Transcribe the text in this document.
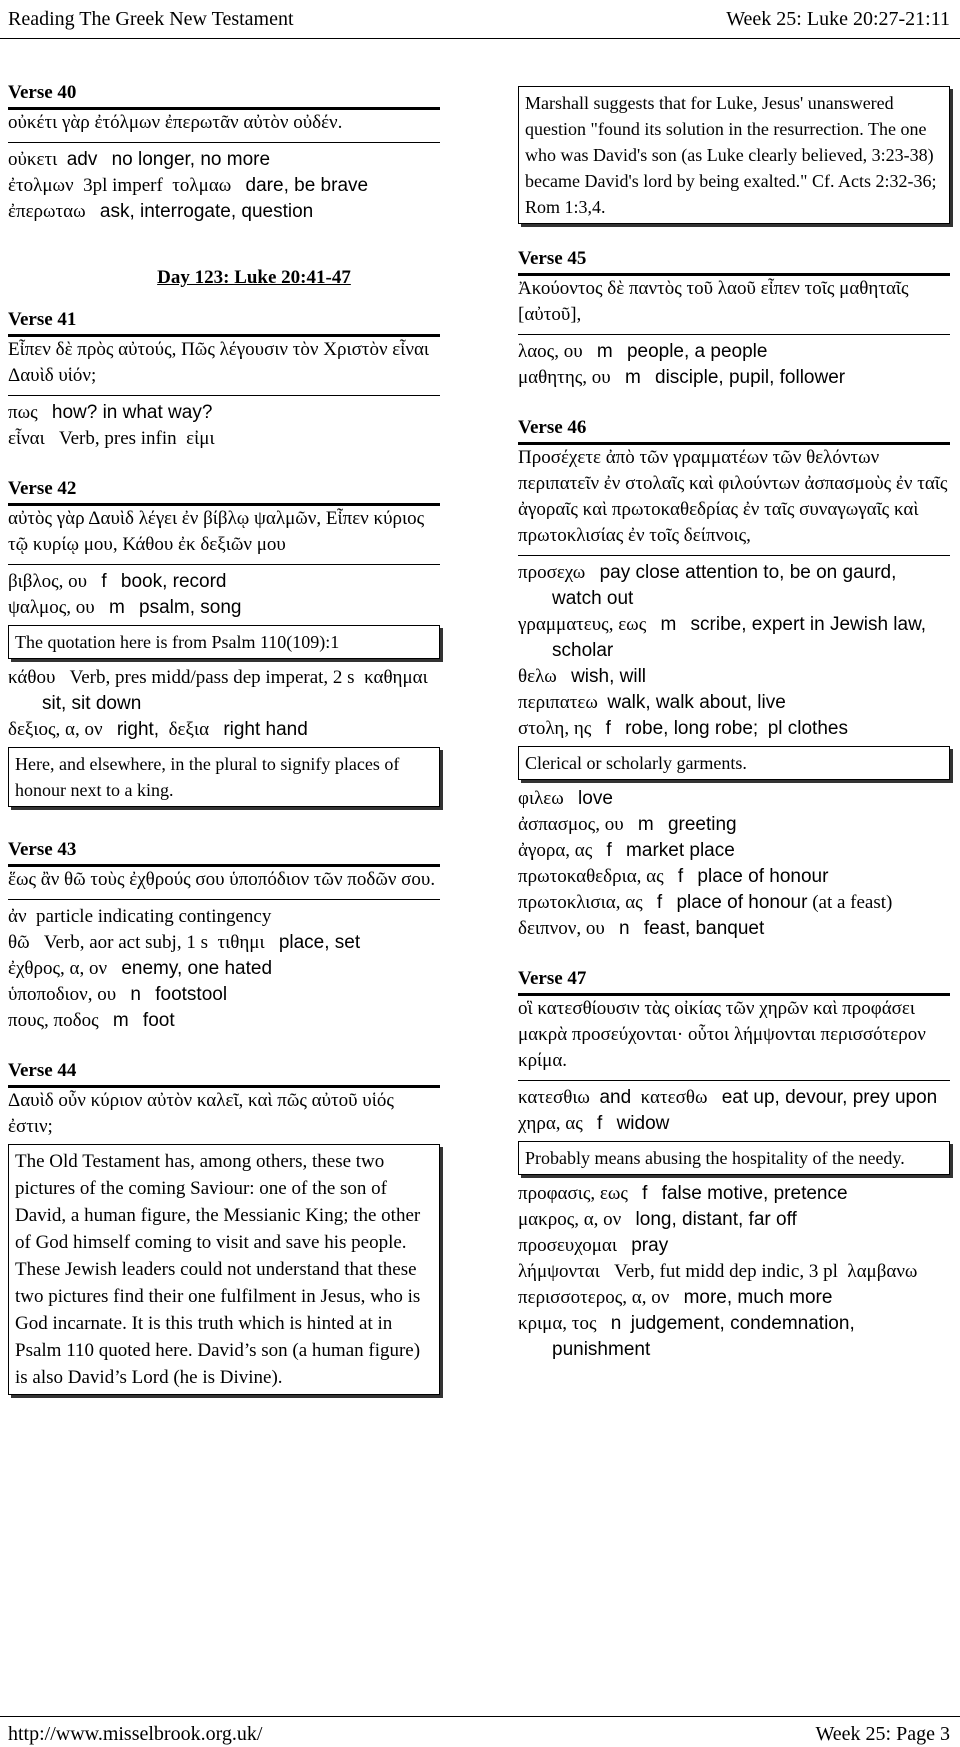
Reading The Greek New Testament	Week 25: Luke 20:27-21:11
Verse 40
οὐκέτι γὰρ ἐτόλμων ἐπερωτᾶν αὐτὸν οὐδέν.
οὐκετι adv no longer, no more
ἐτολμων 3pl imperf τολμαω dare, be brave
ἐπερωταω ask, interrogate, question
Day 123: Luke 20:41-47
Verse 41
Εἶπεν δὲ πρὸς αὐτούς, Πῶς λέγουσιν τὸν Χριστὸν εἶναι Δαυὶδ υἱόν;
πως how? in what way?
εἶναι Verb, pres infin εἰμι
Verse 42
αὐτὸς γὰρ Δαυὶδ λέγει ἐν βίβλῳ ψαλμῶν, Εἶπεν κύριος τῷ κυρίῳ μου, Κάθου ἐκ δεξιῶν μου
βιβλος, ου f book, record
ψαλμος, ου m psalm, song
The quotation here is from Psalm 110(109):1
κάθου Verb, pres midd/pass dep imperat, 2 s καθημαι   sit, sit down
δεξιος, α, ον right, δεξια right hand
Here, and elsewhere, in the plural to signify places of honour next to a king.
Verse 43
ἕως ἂν θῶ τοὺς ἐχθρούς σου ὑποπόδιον τῶν ποδῶν σου.
ἀν particle indicating contingency
θῶ Verb, aor act subj, 1 s τιθημι place, set
ἐχθρος, α, ον enemy, one hated
ὑποποδιον, ου n footstool
πους, ποδος m foot
Verse 44
Δαυὶδ οὖν κύριον αὐτὸν καλεῖ, καὶ πῶς αὐτοῦ υἱός ἐστιν;
The Old Testament has, among others, these two pictures of the coming Saviour: one of the son of David, a human figure, the Messianic King; the other of God himself coming to visit and save his people. These Jewish leaders could not understand that these two pictures find their one fulfilment in Jesus, who is God incarnate. It is this truth which is hinted at in Psalm 110 quoted here. David’s son (a human figure) is also David’s Lord (he is Divine).
Marshall suggests that for Luke, Jesus' unanswered question "found its solution in the resurrection. The one who was David's son (as Luke clearly believed, 3:23-38) became David's lord by being exalted." Cf. Acts 2:32-36; Rom 1:3,4.
Verse 45
Ἀκούοντος δὲ παντὸς τοῦ λαοῦ εἶπεν τοῖς μαθηταῖς [αὐτοῦ],
λαος, ου m people, a people
μαθητης, ου m disciple, pupil, follower
Verse 46
Προσέχετε ἀπὸ τῶν γραμματέων τῶν θελόντων περιπατεῖν ἐν στολαῖς καὶ φιλούντων ἀσπασμοὺς ἐν ταῖς ἀγοραῖς καὶ πρωτοκαθεδρίας ἐν ταῖς συναγωγαῖς καὶ πρωτοκλισίας ἐν τοῖς δείπνοις,
προσεχω pay close attention to, be on gaurd, watch out
γραμματευς, εως m scribe, expert in Jewish law, scholar
θελω wish, will
περιπατεω walk, walk about, live
στολη, ης f robe, long robe; pl clothes
Clerical or scholarly garments.
φιλεω love
ἀσπασμος, ου m greeting
ἀγορα, ας f market place
πρωτοκαθεδρια, ας f place of honour
πρωτοκλισια, ας f place of honour (at a feast)
δειπνον, ου n feast, banquet
Verse 47
οἳ κατεσθίουσιν τὰς οἰκίας τῶν χηρῶν καὶ προφάσει μακρὰ προσεύχονται· οὗτοι λήμψονται περισσότερον κρίμα.
κατεσθιω and κατεσθω eat up, devour, prey upon
χηρα, ας f widow
Probably means abusing the hospitality of the needy.
προφασις, εως f false motive, pretence
μακρος, α, ον long, distant, far off
προσευχομαι pray
λήμψονται Verb, fut midd dep indic, 3 pl λαμβανω
περισσοτερος, α, ον more, much more
κριμα, τος n judgement, condemnation, punishment
http://www.misselbrook.org.uk/	Week 25: Page 3
